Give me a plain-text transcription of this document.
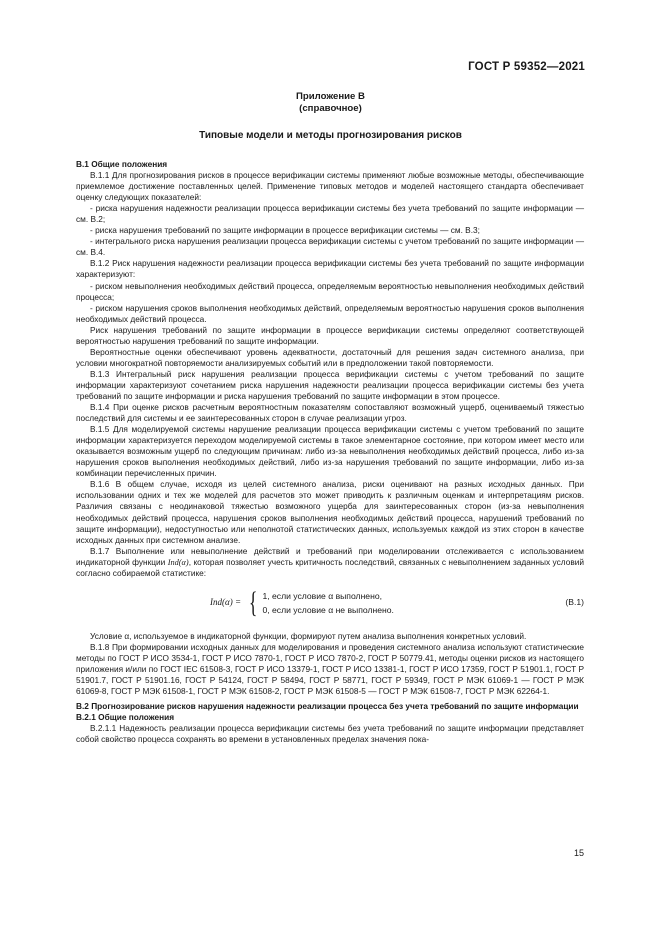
ГОСТ Р 59352—2021
Приложение В
(справочное)
Типовые модели и методы прогнозирования рисков

В.1 Общие положения

В.1.1 Для прогнозирования рисков в процессе верификации системы применяют любые возможные методы, обеспечивающие приемлемое достижение поставленных целей. Применение типовых методов и моделей настоящего стандарта обеспечивает оценку следующих показателей:

- риска нарушения надежности реализации процесса верификации системы без учета требований по защите информации — см. В.2;

- риска нарушения требований по защите информации в процессе верификации системы — см. В.3;

- интегрального риска нарушения реализации процесса верификации системы с учетом требований по защите информации — см. В.4.

В.1.2 Риск нарушения надежности реализации процесса верификации системы без учета требований по защите информации характеризуют:

- риском невыполнения необходимых действий процесса, определяемым вероятностью невыполнения необходимых действий процесса;

- риском нарушения сроков выполнения необходимых действий, определяемым вероятностью нарушения сроков выполнения необходимых действий процесса.

Риск нарушения требований по защите информации в процессе верификации системы определяют соответствующей вероятностью нарушения требований по защите информации.

Вероятностные оценки обеспечивают уровень адекватности, достаточный для решения задач системного анализа, при условии многократной повторяемости анализируемых событий или в предположении такой повторяемости.

В.1.3 Интегральный риск нарушения реализации процесса верификации системы с учетом требований по защите информации характеризуют сочетанием риска нарушения надежности реализации процесса верификации системы без учета требований по защите информации и риска нарушения требований по защите информации в этом процессе.

В.1.4 При оценке рисков расчетным вероятностным показателям сопоставляют возможный ущерб, оцениваемый тяжестью последствий для системы и ее заинтересованных сторон в случае реализации угроз.

В.1.5 Для моделируемой системы нарушение реализации процесса верификации системы с учетом требований по защите информации характеризуется переходом моделируемой системы в такое элементарное состояние, при котором имеет место или оказывается возможным ущерб по следующим причинам: либо из-за невыполнения необходимых действий процесса, либо из-за нарушения сроков выполнения необходимых действий, либо из-за нарушения требований по защите информации, либо из-за комбинации перечисленных причин.

В.1.6 В общем случае, исходя из целей системного анализа, риски оценивают на разных исходных данных. При использовании одних и тех же моделей для расчетов это может приводить к различным оценкам и интерпретациям рисков. Различия связаны с неодинаковой тяжестью возможного ущерба для заинтересованных сторон (из-за невыполнения необходимых действий процесса, нарушения сроков выполнения необходимых действий процесса, нарушений требований по защите информации), недоступностью или неполнотой статистических данных, используемых каждой из этих сторон в качестве исходных данных при системном анализе.

В.1.7 Выполнение или невыполнение действий и требований при моделировании отслеживается с использованием индикаторной функции Ind(α), которая позволяет учесть критичность последствий, связанных с невыполнением заданных условий согласно собираемой статистике:

Ind(α) = { 1, если условие α выполнено,
0, если условие α не выполнено.
(В.1)

Условие α, используемое в индикаторной функции, формируют путем анализа выполнения конкретных условий.

В.1.8 При формировании исходных данных для моделирования и проведения системного анализа используют статистические методы по ГОСТ Р ИСО 3534-1, ГОСТ Р ИСО 7870-1, ГОСТ Р ИСО 7870-2, ГОСТ Р 50779.41, методы оценки рисков из настоящего приложения и/или по ГОСТ IEC 61508-3, ГОСТ Р ИСО 13379-1, ГОСТ Р ИСО 13381-1, ГОСТ Р ИСО 17359, ГОСТ Р 51901.1, ГОСТ Р 51901.7, ГОСТ Р 51901.16, ГОСТ Р 54124, ГОСТ Р 58494, ГОСТ Р 58771, ГОСТ Р 59349, ГОСТ Р МЭК 61069-1 — ГОСТ Р МЭК 61069-8, ГОСТ Р МЭК 61508-1, ГОСТ Р МЭК 61508-2, ГОСТ Р МЭК 61508-5 — ГОСТ Р МЭК 61508-7, ГОСТ Р МЭК 62264-1.

В.2 Прогнозирование рисков нарушения надежности реализации процесса без учета требований по защите информации

В.2.1 Общие положения

В.2.1.1 Надежность реализации процесса верификации системы без учета требований по защите информации представляет собой свойство процесса сохранять во времени в установленных пределах значения пока-

15
